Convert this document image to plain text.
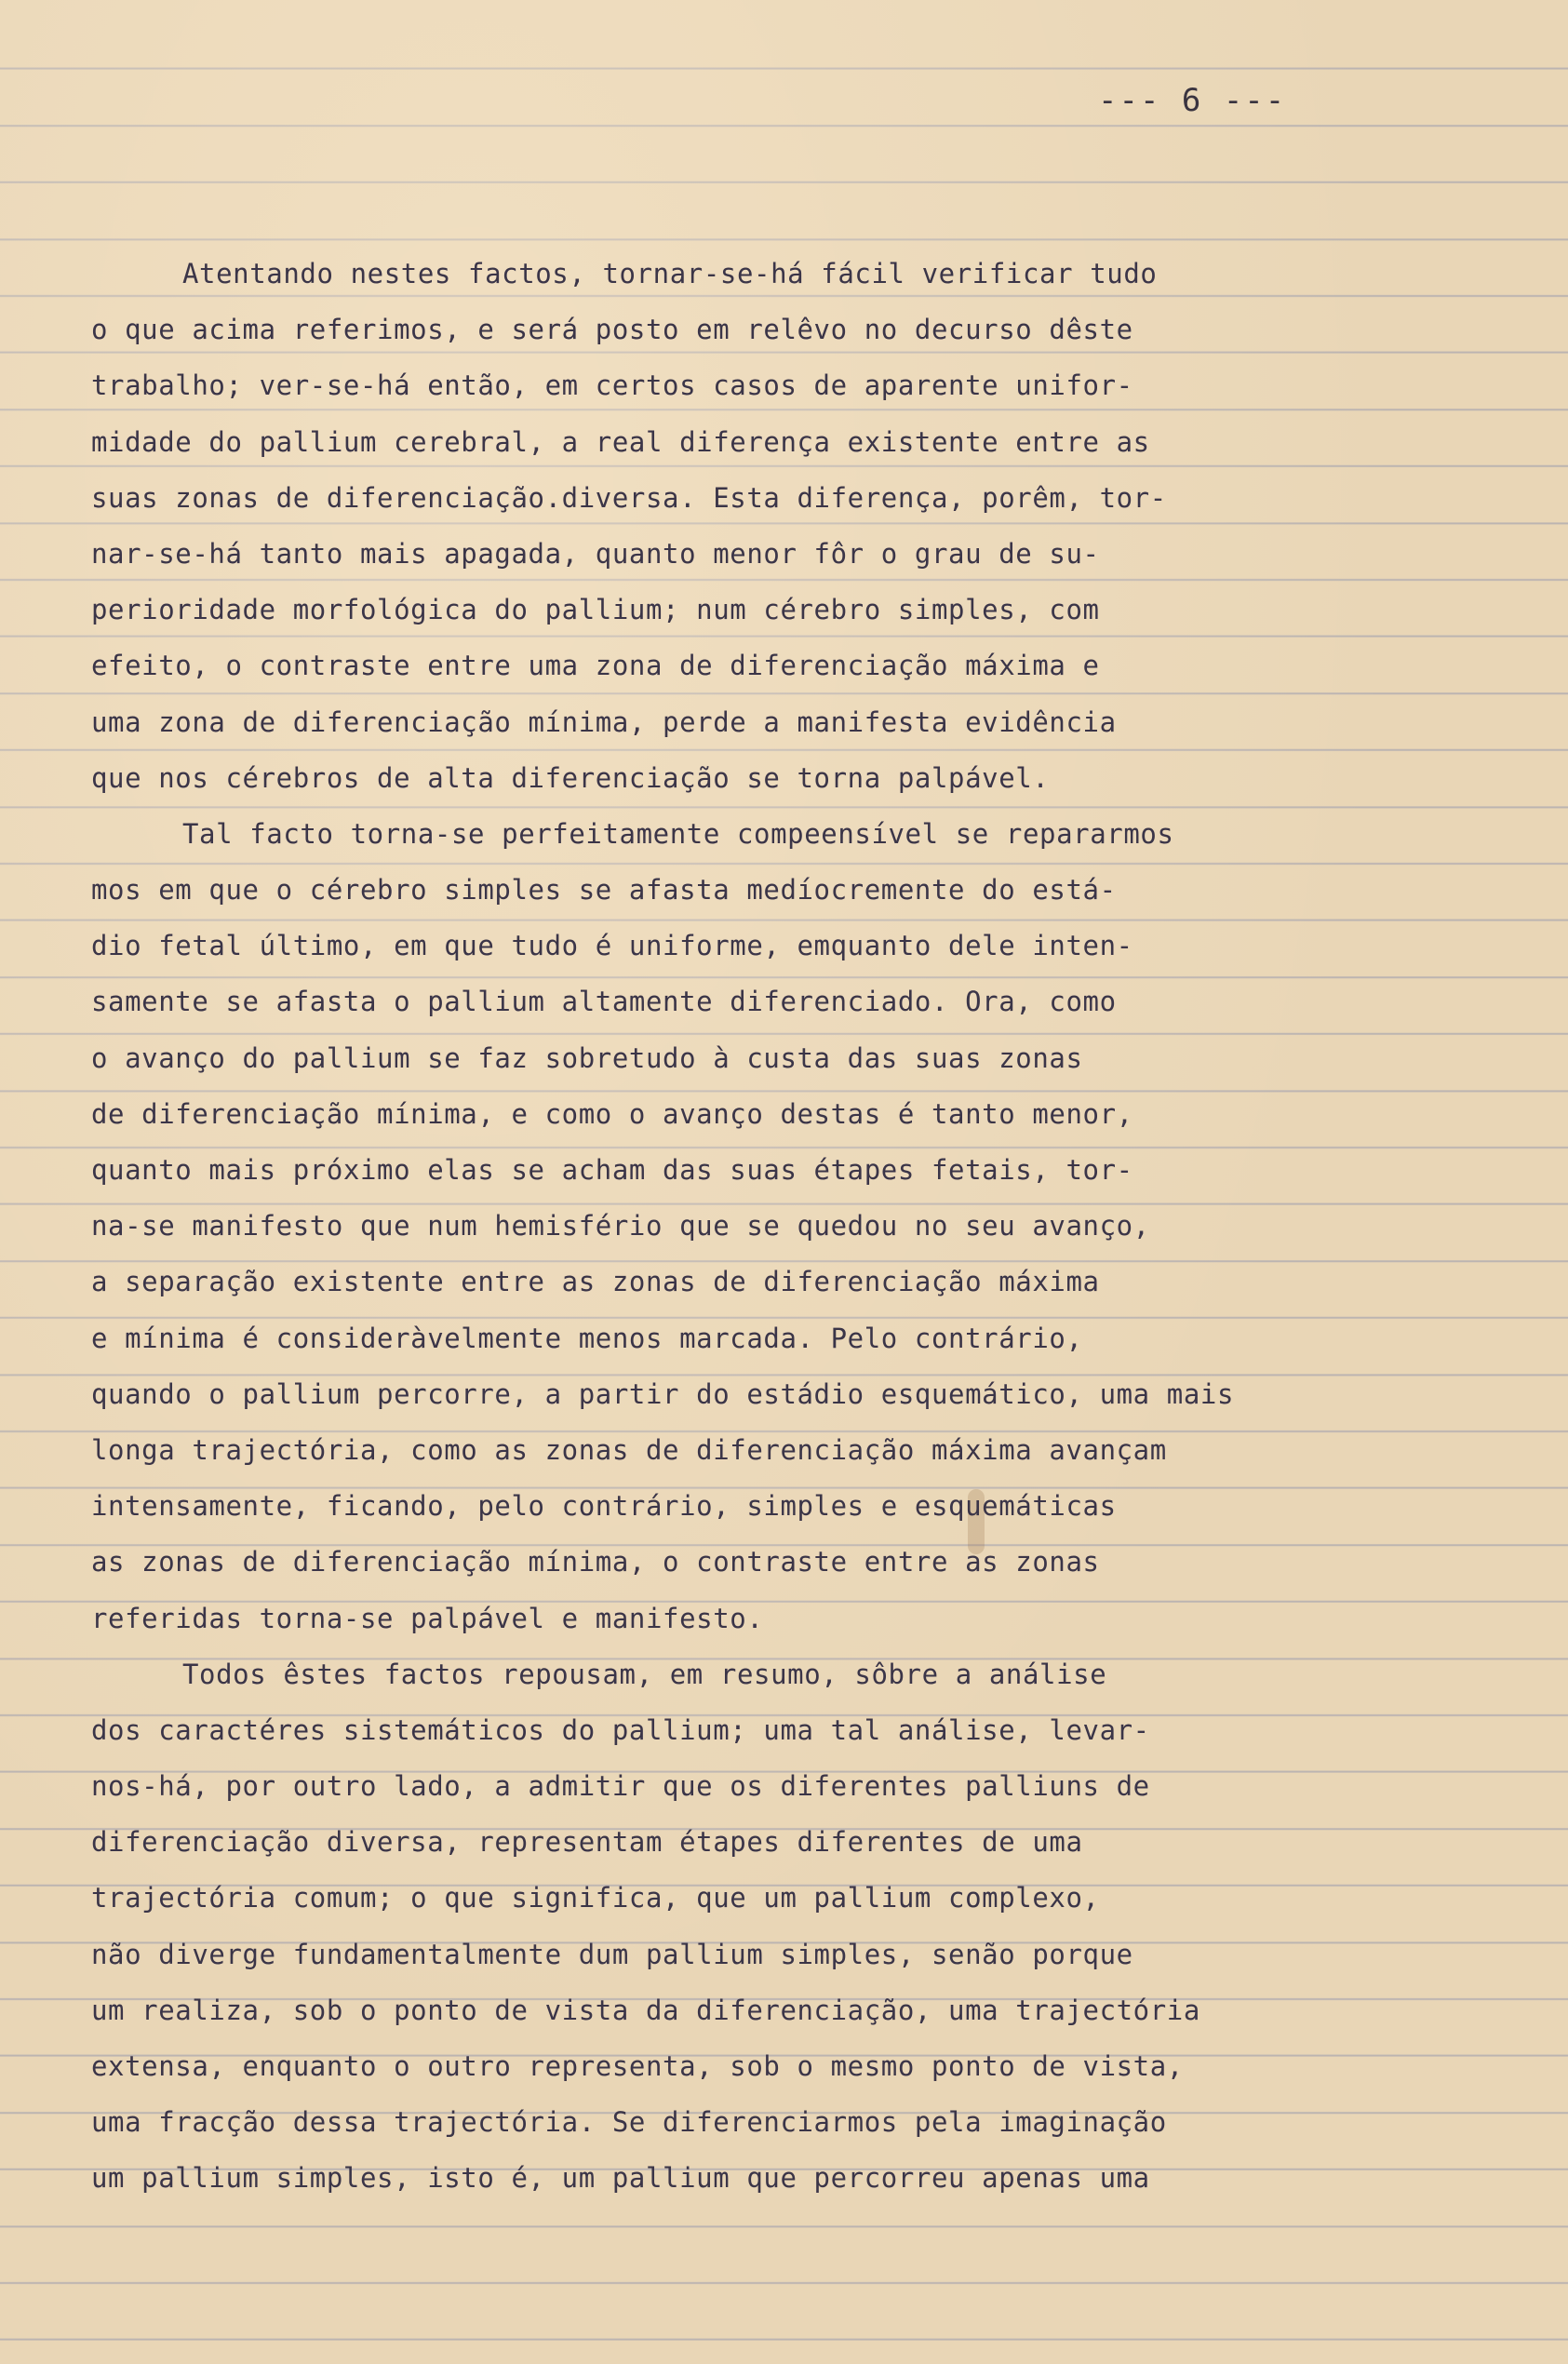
--- 6 ---
Atentando nestes factos, tornar-se-há fácil verificar tudo
o que acima referimos, e será posto em relêvo no decurso dêste
trabalho; ver-se-há então, em certos casos de aparente unifor-
midade do pallium cerebral, a real diferença existente entre as
suas zonas de diferenciação.diversa. Esta diferença, porêm, tor-
nar-se-há tanto mais apagada, quanto menor fôr o grau de su-
perioridade morfológica do pallium; num cérebro simples, com
efeito, o contraste entre uma zona de diferenciação máxima e
uma zona de diferenciação mínima, perde a manifesta evidência
que nos cérebros de alta diferenciação se torna palpável.
Tal facto torna-se perfeitamente compeensível se repararmos
mos em que o cérebro simples se afasta medíocremente do está-
dio fetal último, em que tudo é uniforme, emquanto dele inten-
samente se afasta o pallium altamente diferenciado. Ora, como
o avanço do pallium se faz sobretudo à custa das suas zonas
de diferenciação mínima, e como o avanço destas é tanto menor,
quanto mais próximo elas se acham das suas étapes fetais, tor-
na-se manifesto que num hemisfério que se quedou no seu avanço,
a separação existente entre as zonas de diferenciação máxima
e mínima é consideràvelmente menos marcada. Pelo contrário,
quando o pallium percorre, a partir do estádio esquemático, uma mais
longa trajectória, como as zonas de diferenciação máxima avançam
intensamente, ficando, pelo contrário, simples e esquemáticas
as zonas de diferenciação mínima, o contraste entre as zonas
referidas torna-se palpável e manifesto.
Todos êstes factos repousam, em resumo, sôbre a análise
dos caractéres sistemáticos do pallium; uma tal análise, levar-
nos-há, por outro lado, a admitir que os diferentes palliuns de
diferenciação diversa, representam étapes diferentes de uma
trajectória comum; o que significa, que um pallium complexo,
não diverge fundamentalmente dum pallium simples, senão porque
um realiza, sob o ponto de vista da diferenciação, uma trajectória
extensa, enquanto o outro representa, sob o mesmo ponto de vista,
uma fracção dessa trajectória. Se diferenciarmos pela imaginação
um pallium simples, isto é, um pallium que percorreu apenas uma
